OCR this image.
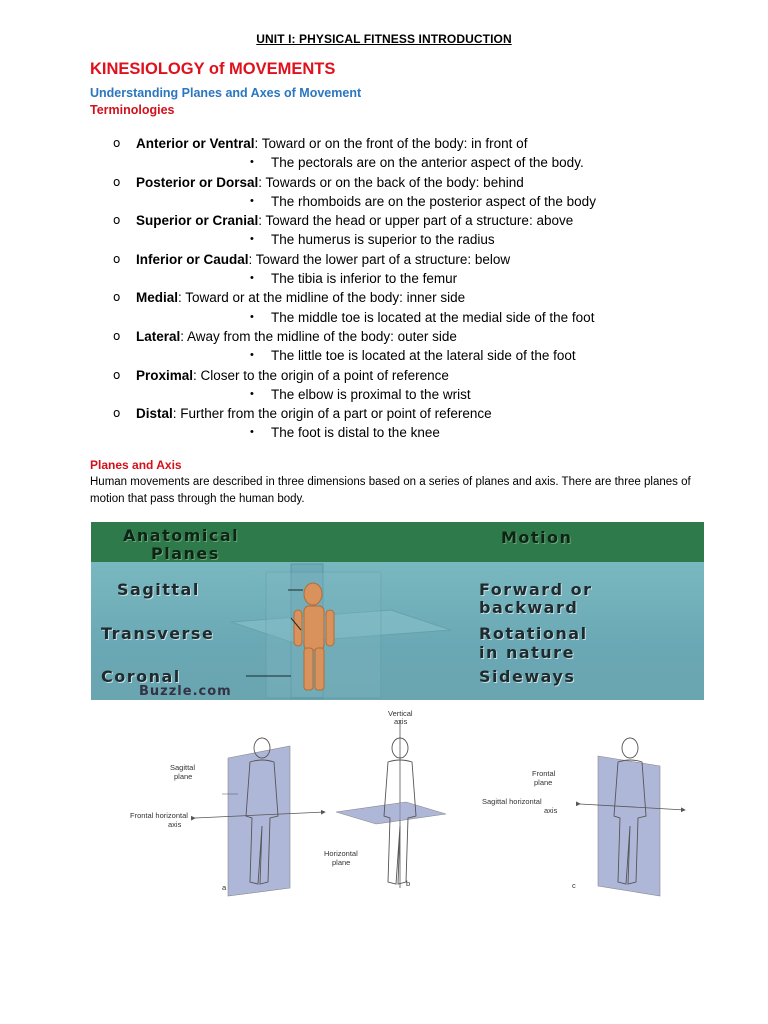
UNIT I: PHYSICAL FITNESS INTRODUCTION
KINESIOLOGY of MOVEMENTS
Understanding Planes and Axes of Movement
Terminologies
o Anterior or Ventral: Toward or on the front of the body: in front of
• The pectorals are on the anterior aspect of the body.
o Posterior or Dorsal: Towards or on the back of the body: behind
• The rhomboids are on the posterior aspect of the body
o Superior or Cranial: Toward the head or upper part of a structure: above
• The humerus is superior to the radius
o Inferior or Caudal: Toward the lower part of a structure: below
• The tibia is inferior to the femur
o Medial: Toward or at the midline of the body: inner side
• The middle toe is located at the medial side of the foot
o Lateral: Away from the midline of the body: outer side
• The little toe is located at the lateral side of the foot
o Proximal: Closer to the origin of a point of reference
• The elbow is proximal to the wrist
o Distal: Further from the origin of a part or point of reference
• The foot is distal to the knee
Planes and Axis
Human movements are described in three dimensions based on a series of planes and axis. There are three planes of motion that pass through the human body.
Anatomical
Planes
Motion
Sagittal
Transverse
Coronal
Forward or
backward
Rotational
in nature
Sideways
Buzzle.com
Sagittal
plane
Frontal horizontal
axis
a
Vertical
axis
Horizontal
plane
b
Frontal
plane
Sagittal horizontal
axis
c
